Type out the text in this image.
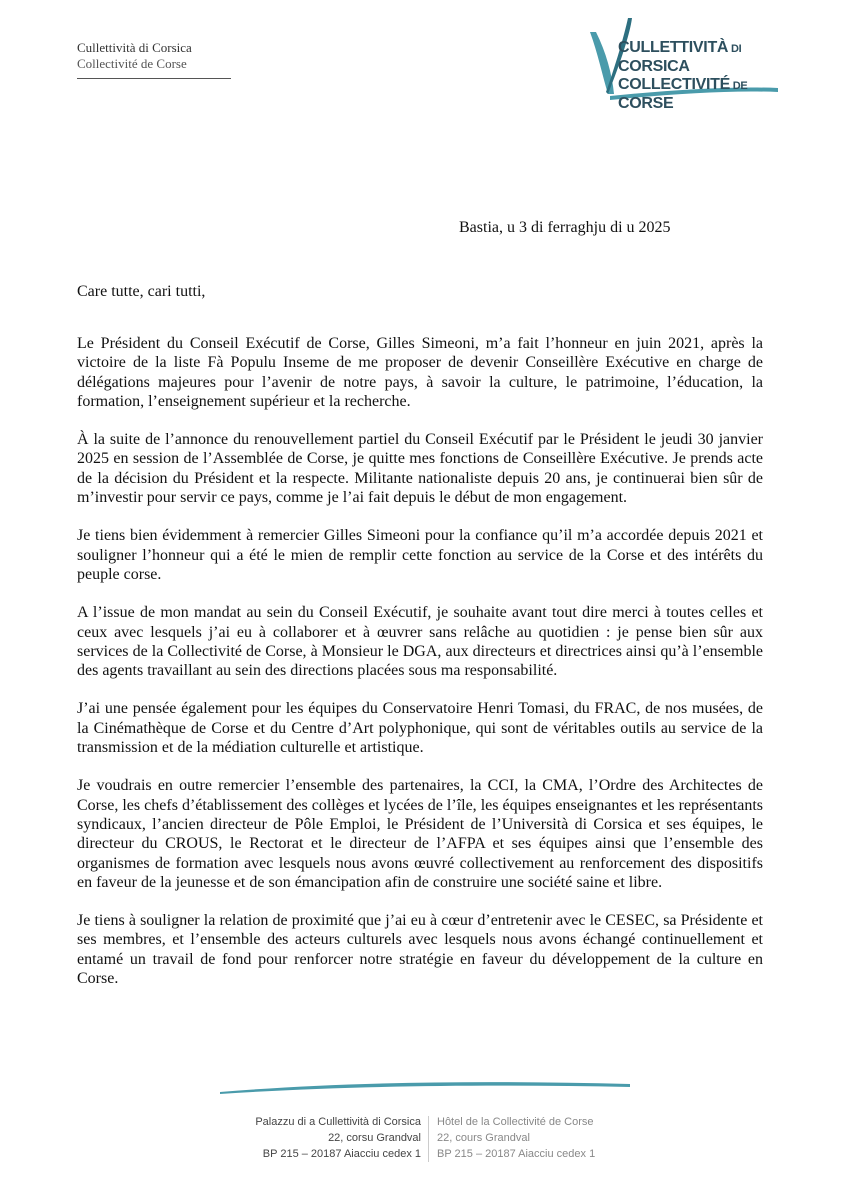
Cullettività di Corsica
Collectivité de Corse
CULLETTIVITÀ DI CORSICA
COLLECTIVITÉ DE CORSE
Bastia, u 3 di ferraghju di u 2025
Care tutte, cari tutti,

Le Président du Conseil Exécutif de Corse, Gilles Simeoni, m’a fait l’honneur en juin 2021, après la victoire de la liste Fà Populu Inseme de me proposer de devenir Conseillère Exécutive en charge de délégations majeures pour l’avenir de notre pays, à savoir la culture, le patrimoine, l’éducation, la formation, l’enseignement supérieur et la recherche.

À la suite de l’annonce du renouvellement partiel du Conseil Exécutif par le Président le jeudi 30 janvier 2025 en session de l’Assemblée de Corse, je quitte mes fonctions de Conseillère Exécutive. Je prends acte de la décision du Président et la respecte. Militante nationaliste depuis 20 ans, je continuerai bien sûr de m’investir pour servir ce pays, comme je l’ai fait depuis le début de mon engagement.

Je tiens bien évidemment à remercier Gilles Simeoni pour la confiance qu’il m’a accordée depuis 2021 et souligner l’honneur qui a été le mien de remplir cette fonction au service de la Corse et des intérêts du peuple corse.

A l’issue de mon mandat au sein du Conseil Exécutif, je souhaite avant tout dire merci à toutes celles et ceux avec lesquels j’ai eu à collaborer et à œuvrer sans relâche au quotidien : je pense bien sûr aux services de la Collectivité de Corse, à Monsieur le DGA, aux directeurs et directrices ainsi qu’à l’ensemble des agents travaillant au sein des directions placées sous ma responsabilité.

J’ai une pensée également pour les équipes du Conservatoire Henri Tomasi, du FRAC, de nos musées, de la Cinémathèque de Corse et du Centre d’Art polyphonique, qui sont de véritables outils au service de la transmission et de la médiation culturelle et artistique.

Je voudrais en outre remercier l’ensemble des partenaires, la CCI, la CMA, l’Ordre des Architectes de Corse, les chefs d’établissement des collèges et lycées de l’île, les équipes enseignantes et les représentants syndicaux, l’ancien directeur de Pôle Emploi, le Président de l’Università di Corsica et ses équipes, le directeur du CROUS, le Rectorat et le directeur de l’AFPA et ses équipes ainsi que l’ensemble des organismes de formation avec lesquels nous avons œuvré collectivement au renforcement des dispositifs en faveur de la jeunesse et de son émancipation afin de construire une société saine et libre.

Je tiens à souligner la relation de proximité que j’ai eu à cœur d’entretenir avec le CESEC, sa Présidente et ses membres, et l’ensemble des acteurs culturels avec lesquels nous avons échangé continuellement et entamé un travail de fond pour renforcer notre stratégie en faveur du développement de la culture en Corse.

Palazzu di a Cullettività di Corsica
22, corsu Grandval
BP 215 – 20187 Aiacciu cedex 1
Hôtel de la Collectivité de Corse
22, cours Grandval
BP 215 – 20187 Aiacciu cedex 1
